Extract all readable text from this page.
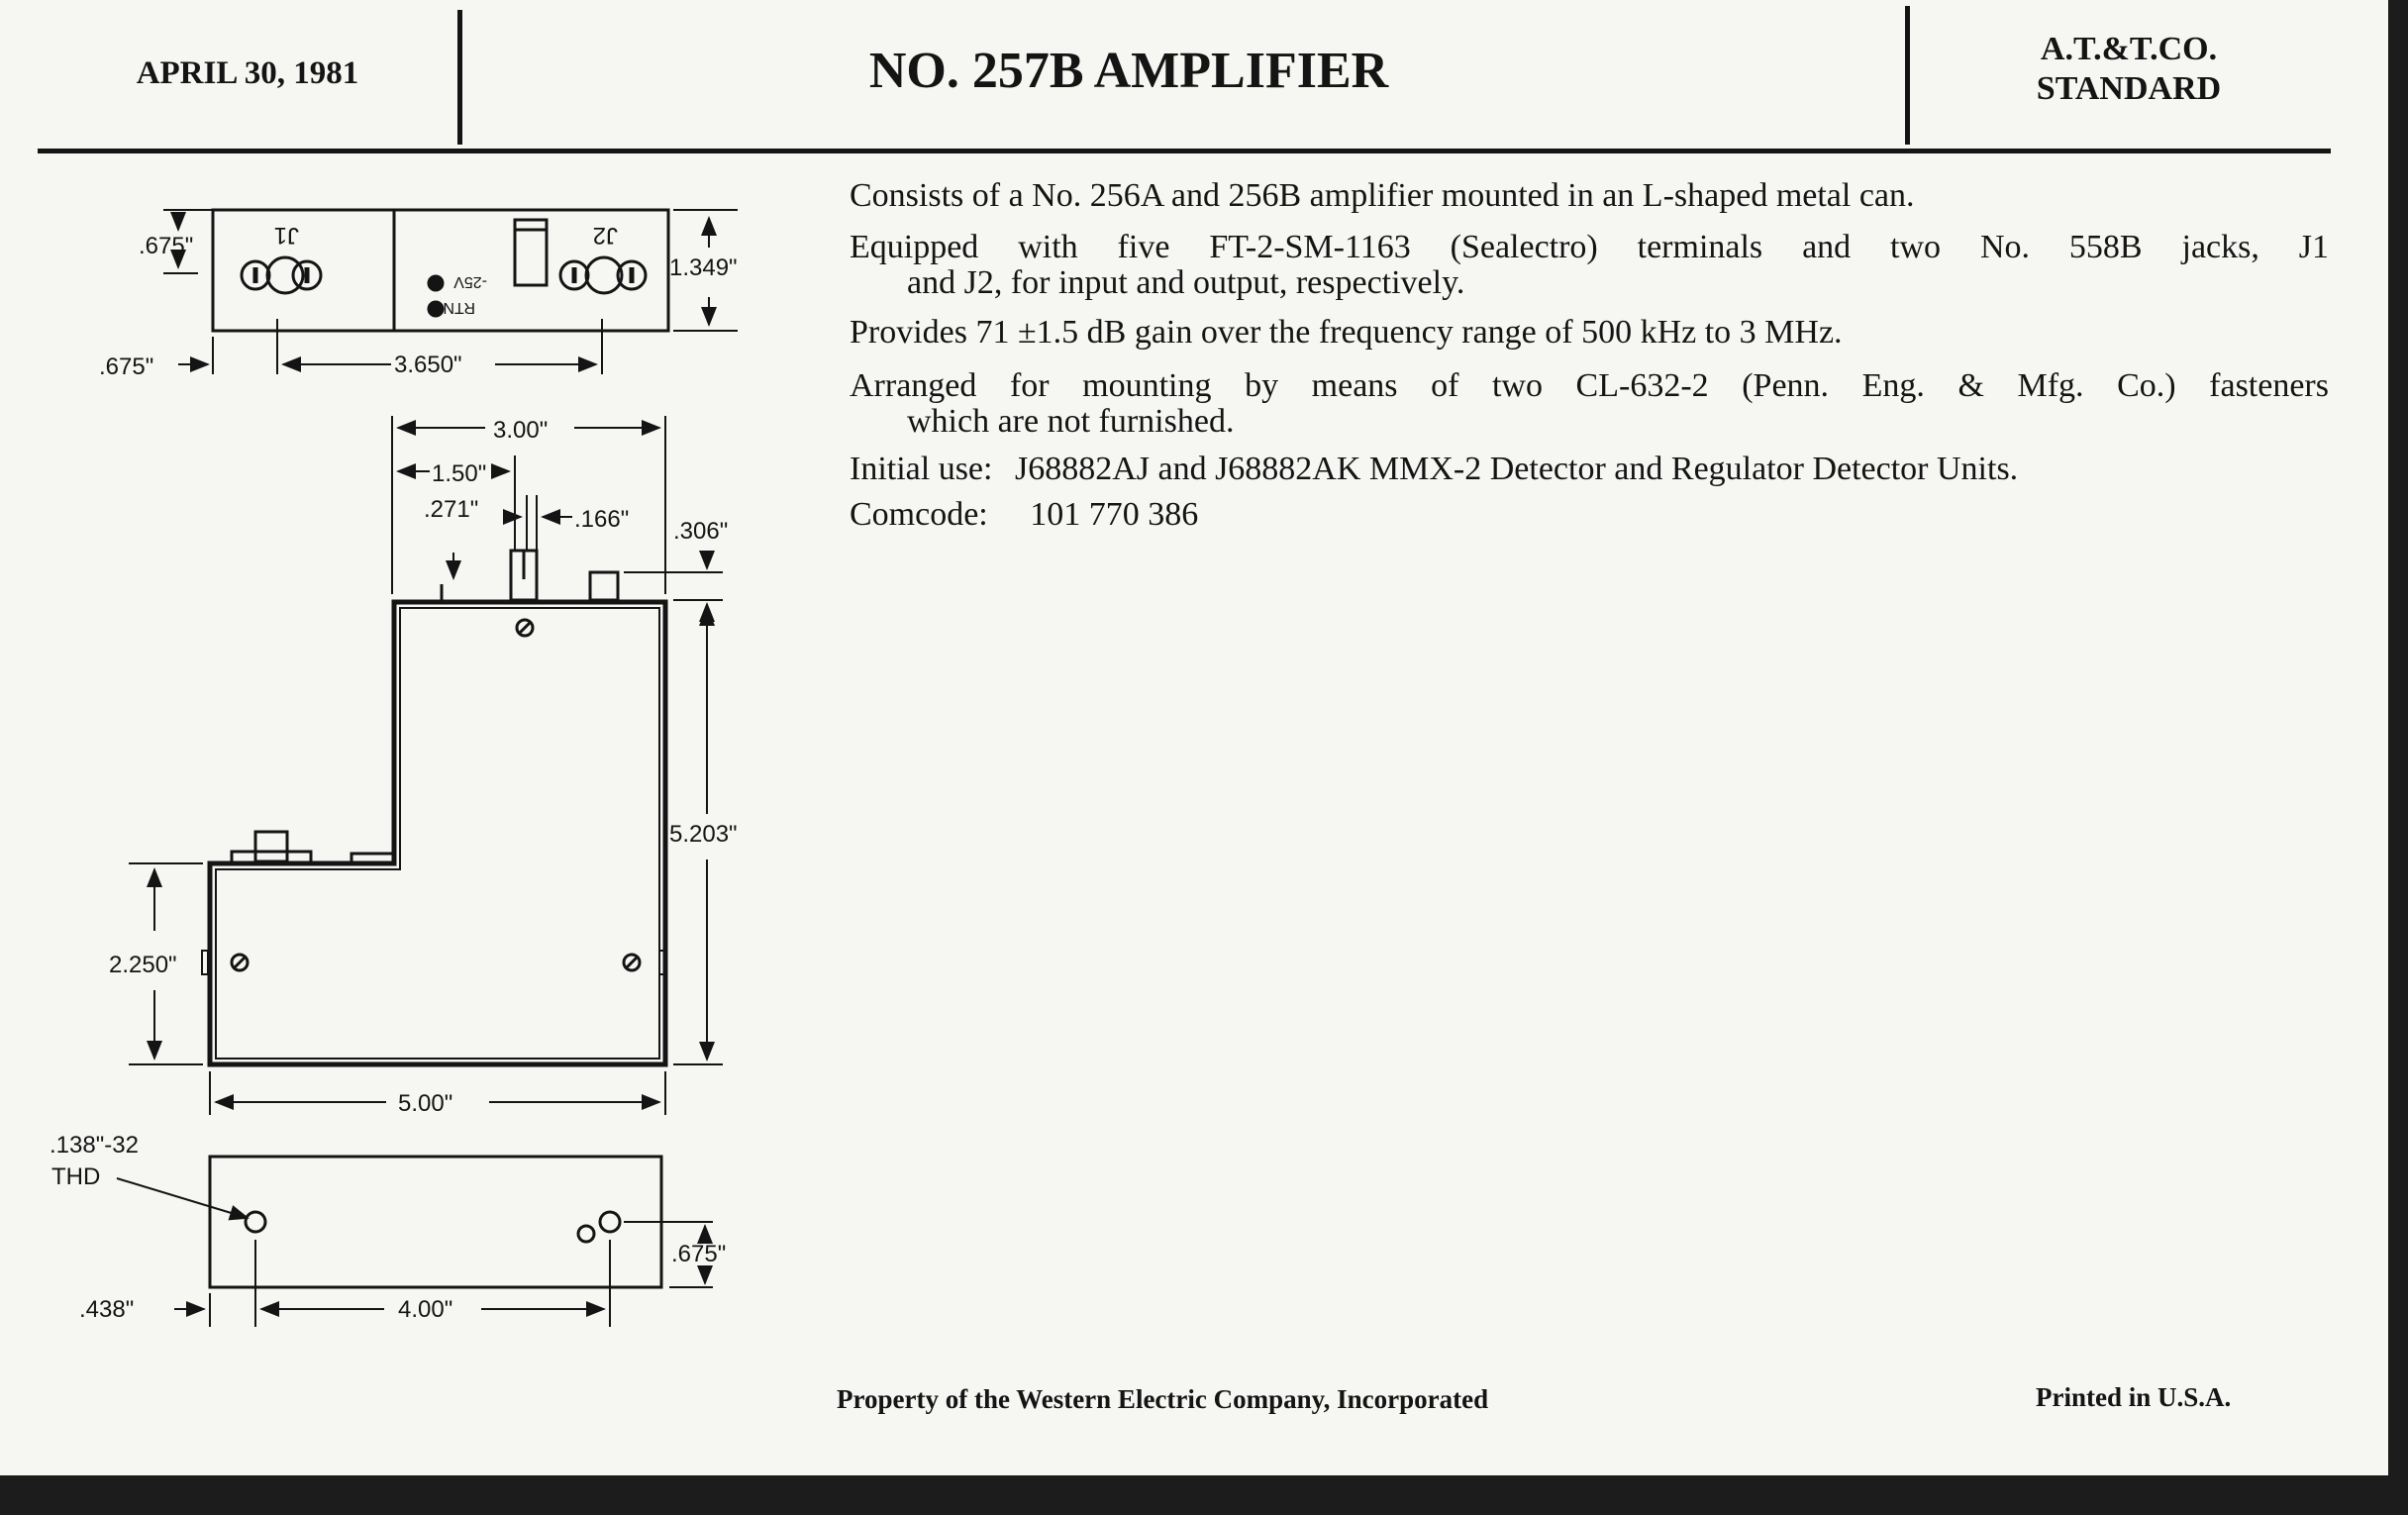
APRIL 30, 1981	NO. 257B AMPLIFIER	A.T.&T.CO.
STANDARD
Consists of a No. 256A and 256B amplifier mounted in an L-shaped metal can.
Equipped with five FT-2-SM-1163 (Sealectro) terminals and two No. 558B jacks, J1
and J2, for input and output, respectively.
Provides 71 ±1.5 dB gain over the frequency range of 500 kHz to 3 MHz.
Arranged for mounting by means of two CL-632-2 (Penn. Eng. & Mfg. Co.) fasteners
which are not furnished.
Initial use: J68882AJ and J68882AK MMX-2 Detector and Regulator Detector Units.
Comcode: 101 770 386
J1	J2
-25V
RTN
.675"
1.349"
.675"	3.650"
3.00"
1.50"
.271"	.166" .306"
5.203"
2.250"
5.00"
.138"-32
THD
.438"	4.00"
.675"
Property of the Western Electric Company, Incorporated	Printed in U.S.A.
